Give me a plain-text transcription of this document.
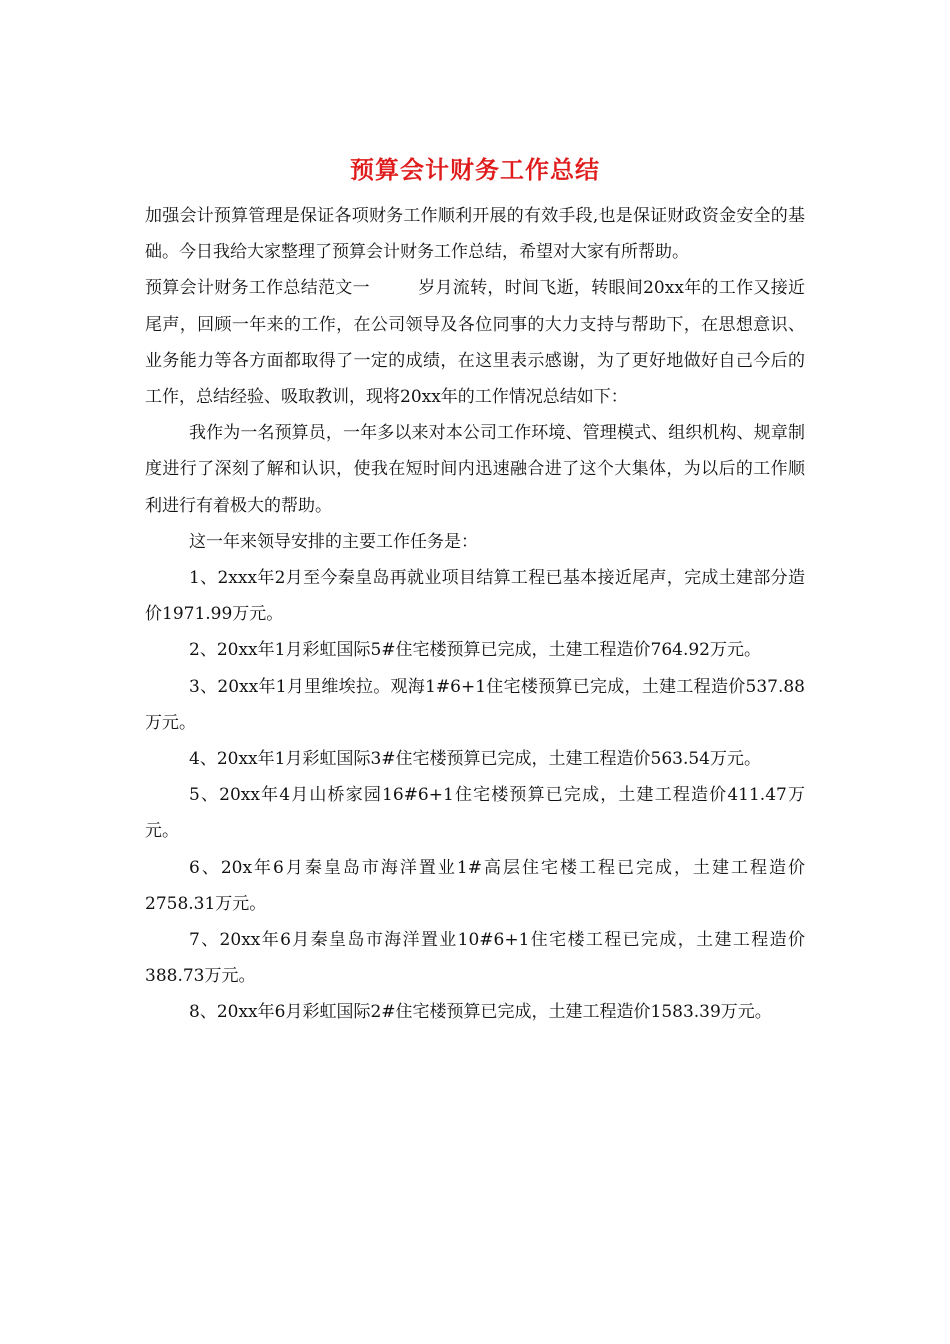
预算会计财务工作总结

加强会计预算管理是保证各项财务工作顺利开展的有效手段,也是保证财政资金安全的基础。今日我给大家整理了预算会计财务工作总结，希望对大家有所帮助。

预算会计财务工作总结范文一	岁月流转，时间飞逝，转眼间20xx年的工作又接近尾声，回顾一年来的工作，在公司领导及各位同事的大力支持与帮助下，在思想意识、业务能力等各方面都取得了一定的成绩，在这里表示感谢，为了更好地做好自己今后的工作，总结经验、吸取教训，现将20xx年的工作情况总结如下：

我作为一名预算员，一年多以来对本公司工作环境、管理模式、组织机构、规章制度进行了深刻了解和认识，使我在短时间内迅速融合进了这个大集体，为以后的工作顺利进行有着极大的帮助。

这一年来领导安排的主要工作任务是：

1、2xxx年2月至今秦皇岛再就业项目结算工程已基本接近尾声，完成土建部分造价1971.99万元。

2、20xx年1月彩虹国际5#住宅楼预算已完成，土建工程造价764.92万元。

3、20xx年1月里维埃拉。观海1#6+1住宅楼预算已完成，土建工程造价537.88万元。

4、20xx年1月彩虹国际3#住宅楼预算已完成，土建工程造价563.54万元。

5、20xx年4月山桥家园16#6+1住宅楼预算已完成，土建工程造价411.47万元。

6、20x年6月秦皇岛市海洋置业1#高层住宅楼工程已完成，土建工程造价2758.31万元。

7、20xx年6月秦皇岛市海洋置业10#6+1住宅楼工程已完成，土建工程造价388.73万元。

8、20xx年6月彩虹国际2#住宅楼预算已完成，土建工程造价1583.39万元。
